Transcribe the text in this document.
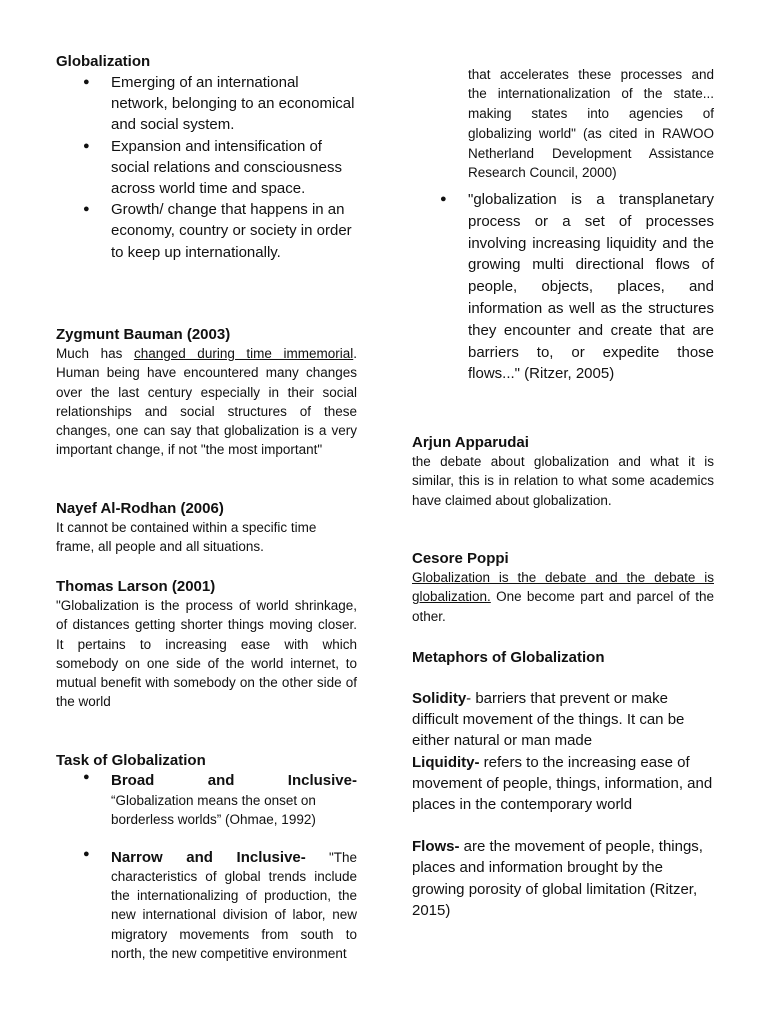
Globalization
● Emerging of an international network, belonging to an economical and social system.
● Expansion and intensification of social relations and consciousness across world time and space.
● Growth/ change that happens in an economy, country or society in order to keep up internationally.
Zygmunt Bauman (2003)

Much has changed during time immemorial. Human being have encountered many changes over the last century especially in their social relationships and social structures of these changes, one can say that globalization is a very important change, if not "the most important"

Nayef Al-Rodhan (2006)

It cannot be contained within a specific time frame, all people and all situations.

Thomas Larson (2001)

"Globalization is the process of world shrinkage, of distances getting shorter things moving closer. It pertains to increasing ease with which somebody on one side of the world internet, to mutual benefit with somebody on the other side of the world

Task of Globalization
● Broad and Inclusive-
“Globalization means the onset on borderless worlds” (Ohmae, 1992)

● Narrow and Inclusive- "The characteristics of global trends include the internationalizing of production, the new international division of labor, new migratory movements from south to north, the new competitive environment

that accelerates these processes and the internationalization of the state... making states into agencies of globalizing world" (as cited in RAWOO Netherland Development Assistance Research Council, 2000)

● "globalization is a transplanetary process or a set of processes involving increasing liquidity and the growing multi directional flows of people, objects, places, and information as well as the structures they encounter and create that are barriers to, or expedite those flows..." (Ritzer, 2005)
Arjun Apparudai

the debate about globalization and what it is similar, this is in relation to what some academics have claimed about globalization.

Cesore Poppi

Globalization is the debate and the debate is globalization. One become part and parcel of the other.

Metaphors of Globalization

Solidity- barriers that prevent or make difficult movement of the things. It can be either natural or man made

Liquidity- refers to the increasing ease of movement of people, things, information, and places in the contemporary world

Flows- are the movement of people, things, places and information brought by the growing porosity of global limitation (Ritzer, 2015)
